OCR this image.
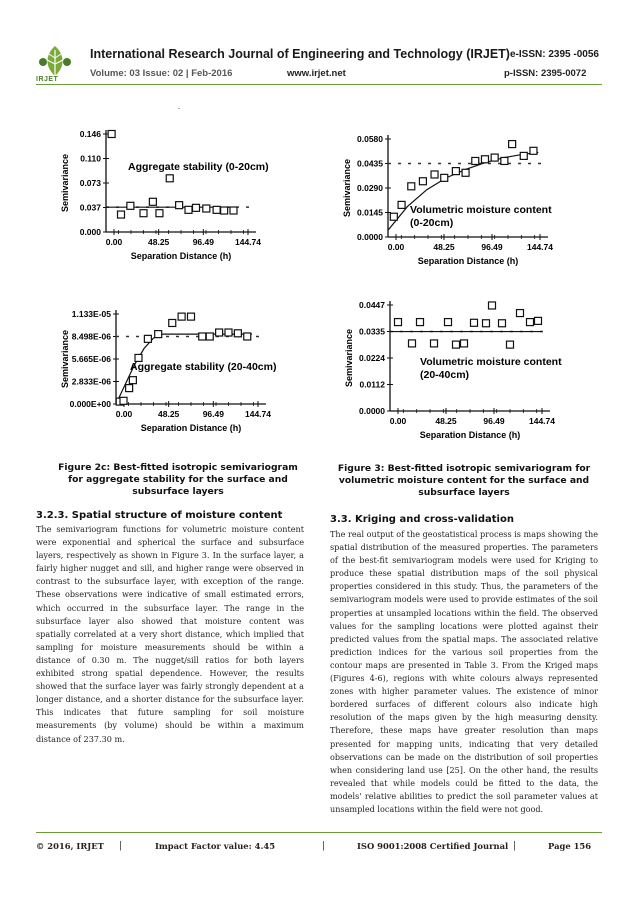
IRJET
International Research Journal of Engineering and Technology (IRJET) e-ISSN: 2395 -0056
Volume: 03 Issue: 02 | Feb-2016	www.irjet.net	p-ISSN: 2395-0072
.
0.000
0.037
0.073
0.110
0.146
0.00	48.25	96.49 144.74
Aggregate stability (0-20cm)
Separation Distance (h)
Semivariance
0.0000
0.0145
0.0290
0.0435
0.0580
0.00	48.25	96.49	144.74
Volumetric moisture content
(0-20cm)
Separation Distance (h)
Semivariance
0.000E+00
2.833E-06
5.665E-06
8.498E-06
1.133E-05
0.00	48.25	96.49 144.74
Aggregate stability (20-40cm)
Separation Distance (h)
Semivariance
0.0000
0.0112
0.0224
0.0335
0.0447
0.00	48.25	96.49	144.74
Volumetric moisture content
(20-40cm)
Separation Distance (h)
Semivariance
Figure 2c: Best-fitted isotropic semivariogram for aggregate stability for the surface and subsurface layers
Figure 3: Best-fitted isotropic semivariogram for volumetric moisture content for the surface and subsurface layers
3.2.3. Spatial structure of moisture content
The semivariogram functions for volumetric moisture content were exponential and spherical the surface and subsurface layers, respectively as shown in Figure 3. In the surface layer, a fairly higher nugget and sill, and higher range were observed in contrast to the subsurface layer, with exception of the range. These observations were indicative of small estimated errors, which occurred in the subsurface layer. The range in the subsurface layer also showed that moisture content was spatially correlated at a very short distance, which implied that sampling for moisture measurements should be within a distance of 0.30 m. The nugget/sill ratios for both layers exhibited strong spatial dependence. However, the results showed that the surface layer was fairly strongly dependent at a longer distance, and a shorter distance for the subsurface layer. This indicates that future sampling for soil moisture measurements (by volume) should be within a maximum distance of 237.30 m.
3.3. Kriging and cross-validation
The real output of the geostatistical process is maps showing the spatial distribution of the measured properties. The parameters of the best-fit semivariogram models were used for Kriging to produce these spatial distribution maps of the soil physical properties considered in this study. Thus, the parameters of the semivariogram models were used to provide estimates of the soil properties at unsampled locations within the field. The observed values for the sampling locations were plotted against their predicted values from the spatial maps. The associated relative prediction indices for the various soil properties from the contour maps are presented in Table 3. From the Kriged maps (Figures 4-6), regions with white colours always represented zones with higher parameter values. The existence of minor bordered surfaces of different colours also indicate high resolution of the maps given by the high measuring density. Therefore, these maps have greater resolution than maps presented for mapping units, indicating that very detailed observations can be made on the distribution of soil properties when considering land use [25]. On the other hand, the results revealed that while models could be fitted to the data, the models' relative abilities to predict the soil parameter values at unsampled locations within the field were not good.
© 2016, IRJET |	Impact Factor value: 4.45	|	ISO 9001:2008 Certified Journal |	Page 156
